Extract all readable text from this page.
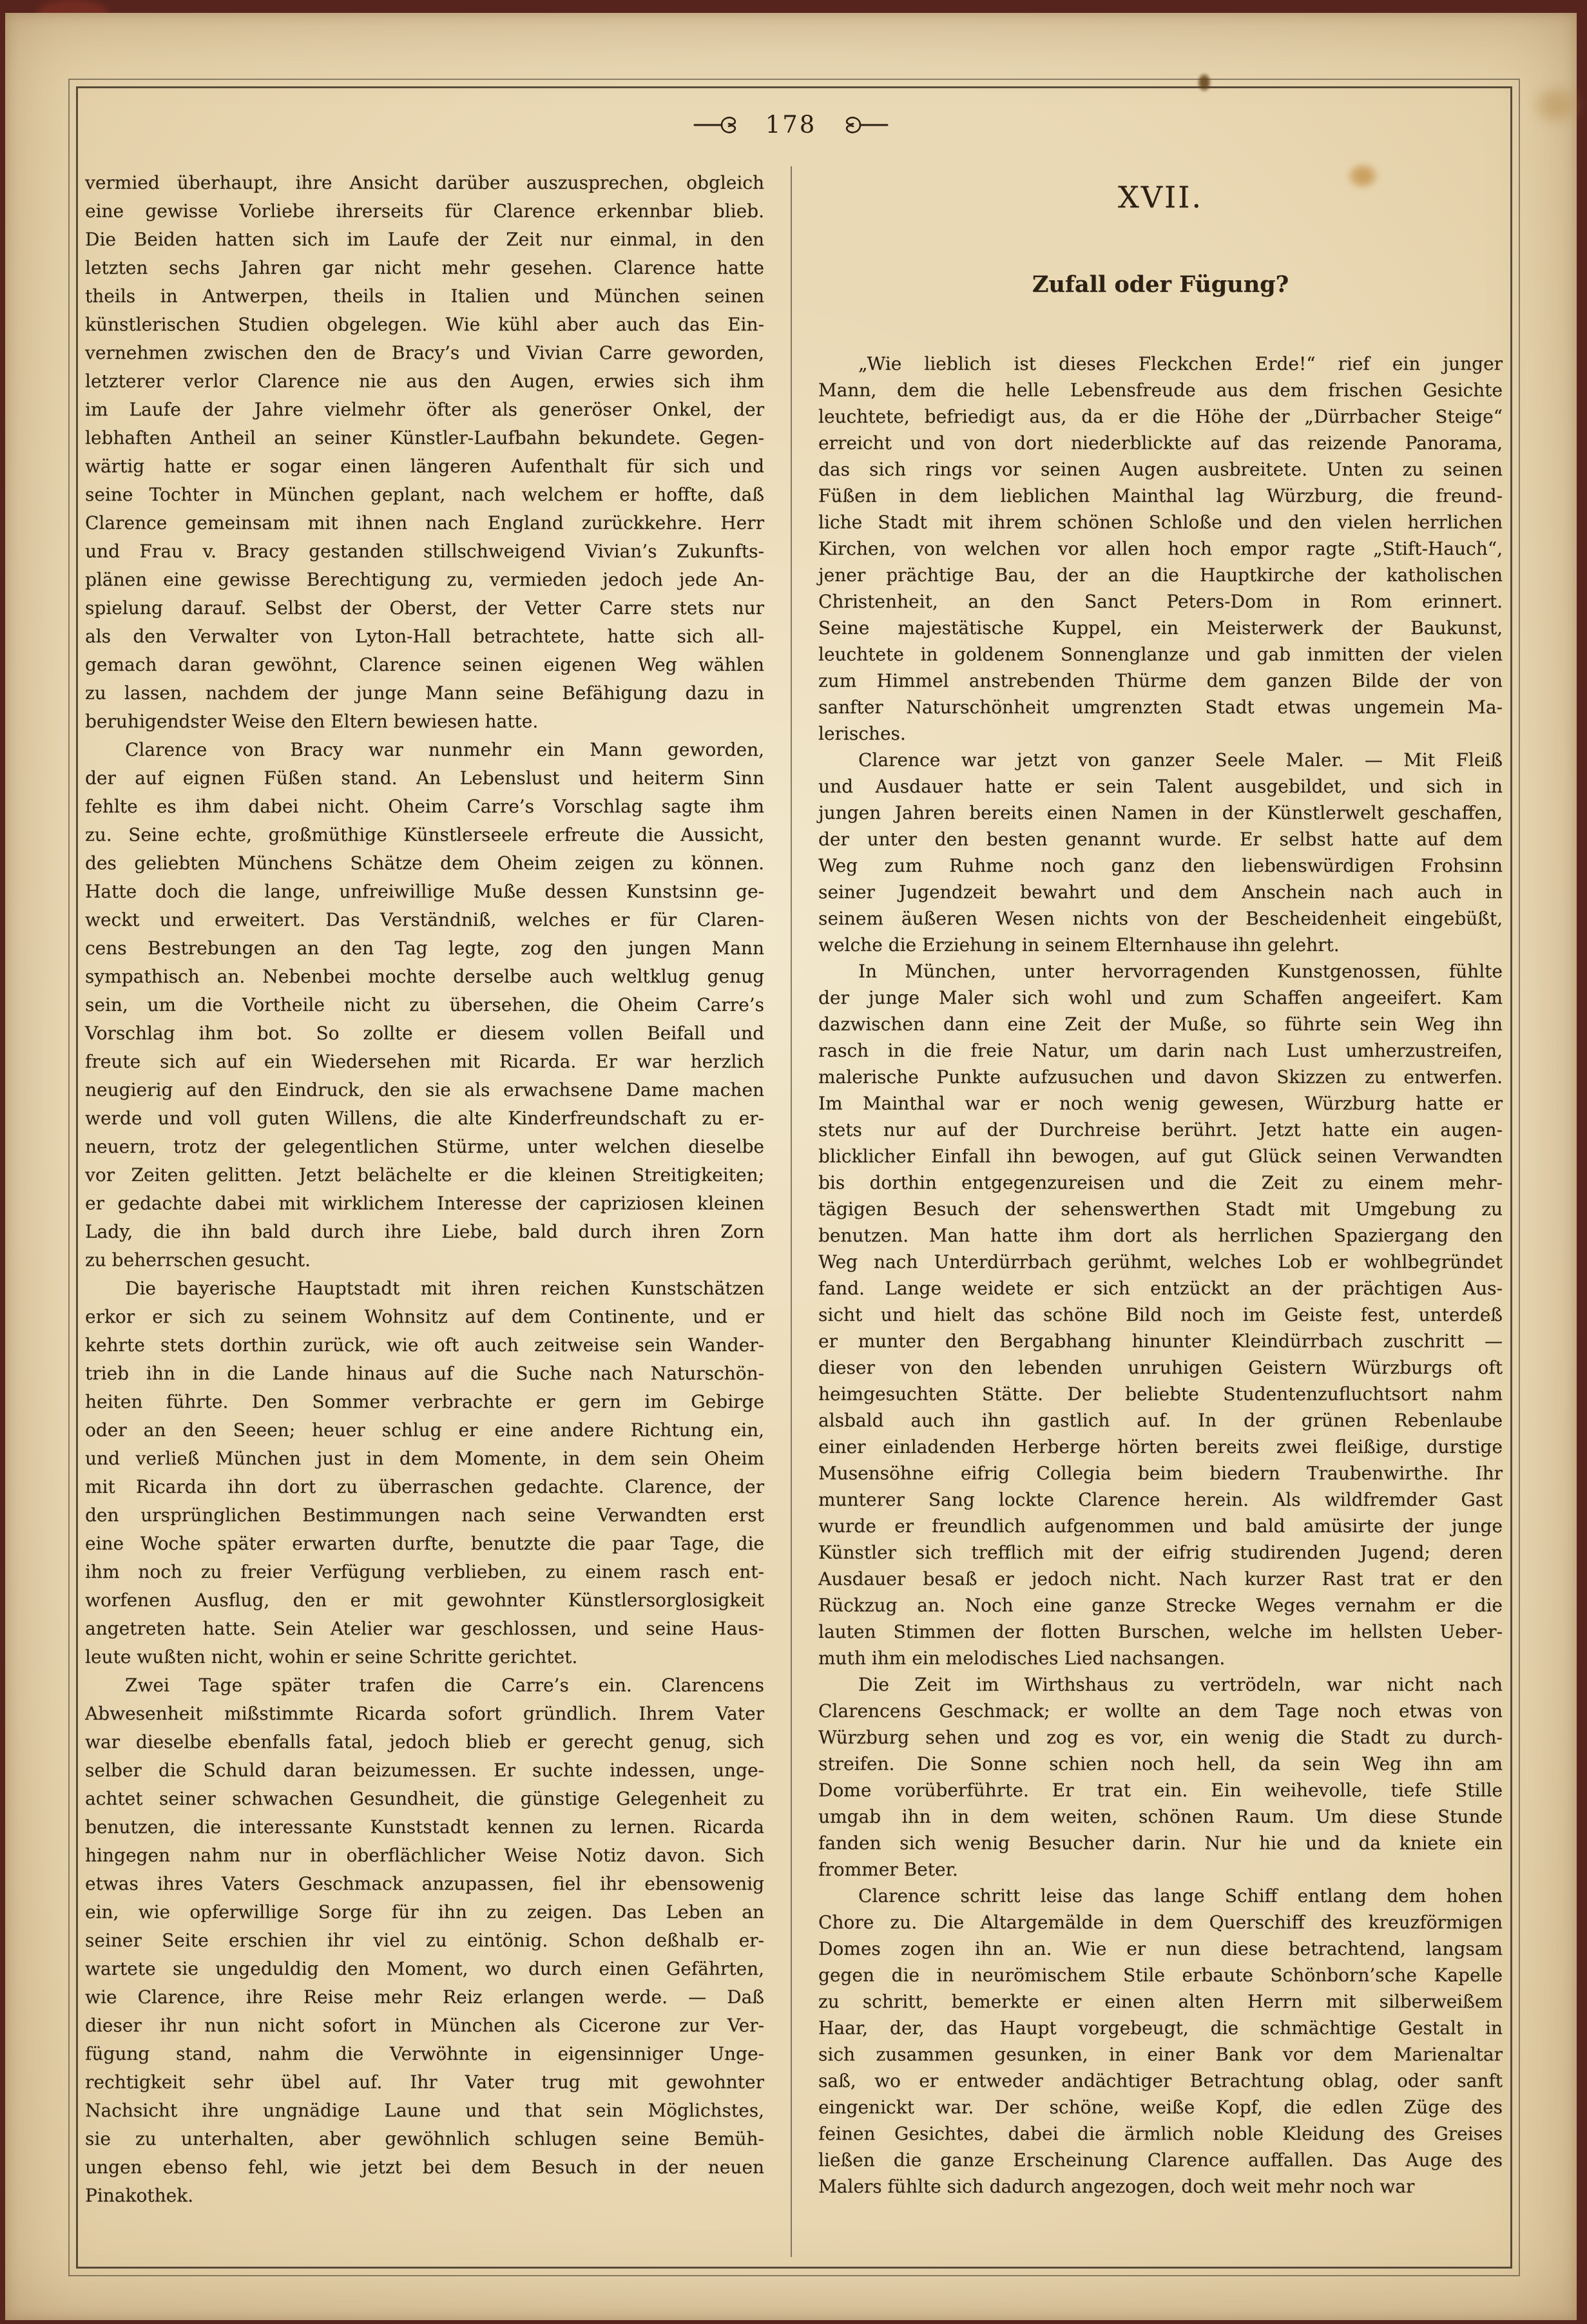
178
vermied überhaupt, ihre Ansicht darüber auszusprechen, obgleich
eine gewisse Vorliebe ihrerseits für Clarence erkennbar blieb.
Die Beiden hatten sich im Laufe der Zeit nur einmal, in den
letzten sechs Jahren gar nicht mehr gesehen. Clarence hatte
theils in Antwerpen, theils in Italien und München seinen
künstlerischen Studien obgelegen. Wie kühl aber auch das Ein-
vernehmen zwischen den de Bracy’s und Vivian Carre geworden,
letzterer verlor Clarence nie aus den Augen, erwies sich ihm
im Laufe der Jahre vielmehr öfter als generöser Onkel, der
lebhaften Antheil an seiner Künstler-Laufbahn bekundete. Gegen-
wärtig hatte er sogar einen längeren Aufenthalt für sich und
seine Tochter in München geplant, nach welchem er hoffte, daß
Clarence gemeinsam mit ihnen nach England zurückkehre. Herr
und Frau v. Bracy gestanden stillschweigend Vivian’s Zukunfts-
plänen eine gewisse Berechtigung zu, vermieden jedoch jede An-
spielung darauf. Selbst der Oberst, der Vetter Carre stets nur
als den Verwalter von Lyton-Hall betrachtete, hatte sich all-
gemach daran gewöhnt, Clarence seinen eigenen Weg wählen
zu lassen, nachdem der junge Mann seine Befähigung dazu in
beruhigendster Weise den Eltern bewiesen hatte.
Clarence von Bracy war nunmehr ein Mann geworden,
der auf eignen Füßen stand. An Lebenslust und heiterm Sinn
fehlte es ihm dabei nicht. Oheim Carre’s Vorschlag sagte ihm
zu. Seine echte, großmüthige Künstlerseele erfreute die Aussicht,
des geliebten Münchens Schätze dem Oheim zeigen zu können.
Hatte doch die lange, unfreiwillige Muße dessen Kunstsinn ge-
weckt und erweitert. Das Verständniß, welches er für Claren-
cens Bestrebungen an den Tag legte, zog den jungen Mann
sympathisch an. Nebenbei mochte derselbe auch weltklug genug
sein, um die Vortheile nicht zu übersehen, die Oheim Carre’s
Vorschlag ihm bot. So zollte er diesem vollen Beifall und
freute sich auf ein Wiedersehen mit Ricarda. Er war herzlich
neugierig auf den Eindruck, den sie als erwachsene Dame machen
werde und voll guten Willens, die alte Kinderfreundschaft zu er-
neuern, trotz der gelegentlichen Stürme, unter welchen dieselbe
vor Zeiten gelitten. Jetzt belächelte er die kleinen Streitigkeiten;
er gedachte dabei mit wirklichem Interesse der capriziosen kleinen
Lady, die ihn bald durch ihre Liebe, bald durch ihren Zorn
zu beherrschen gesucht.
Die bayerische Hauptstadt mit ihren reichen Kunstschätzen
erkor er sich zu seinem Wohnsitz auf dem Continente, und er
kehrte stets dorthin zurück, wie oft auch zeitweise sein Wander-
trieb ihn in die Lande hinaus auf die Suche nach Naturschön-
heiten führte. Den Sommer verbrachte er gern im Gebirge
oder an den Seeen; heuer schlug er eine andere Richtung ein,
und verließ München just in dem Momente, in dem sein Oheim
mit Ricarda ihn dort zu überraschen gedachte. Clarence, der
den ursprünglichen Bestimmungen nach seine Verwandten erst
eine Woche später erwarten durfte, benutzte die paar Tage, die
ihm noch zu freier Verfügung verblieben, zu einem rasch ent-
worfenen Ausflug, den er mit gewohnter Künstlersorglosigkeit
angetreten hatte. Sein Atelier war geschlossen, und seine Haus-
leute wußten nicht, wohin er seine Schritte gerichtet.
Zwei Tage später trafen die Carre’s ein. Clarencens
Abwesenheit mißstimmte Ricarda sofort gründlich. Ihrem Vater
war dieselbe ebenfalls fatal, jedoch blieb er gerecht genug, sich
selber die Schuld daran beizumessen. Er suchte indessen, unge-
achtet seiner schwachen Gesundheit, die günstige Gelegenheit zu
benutzen, die interessante Kunststadt kennen zu lernen. Ricarda
hingegen nahm nur in oberflächlicher Weise Notiz davon. Sich
etwas ihres Vaters Geschmack anzupassen, fiel ihr ebensowenig
ein, wie opferwillige Sorge für ihn zu zeigen. Das Leben an
seiner Seite erschien ihr viel zu eintönig. Schon deßhalb er-
wartete sie ungeduldig den Moment, wo durch einen Gefährten,
wie Clarence, ihre Reise mehr Reiz erlangen werde. — Daß
dieser ihr nun nicht sofort in München als Cicerone zur Ver-
fügung stand, nahm die Verwöhnte in eigensinniger Unge-
rechtigkeit sehr übel auf. Ihr Vater trug mit gewohnter
Nachsicht ihre ungnädige Laune und that sein Möglichstes,
sie zu unterhalten, aber gewöhnlich schlugen seine Bemüh-
ungen ebenso fehl, wie jetzt bei dem Besuch in der neuen
Pinakothek.
XVII.
Zufall oder Fügung?
„Wie lieblich ist dieses Fleckchen Erde!“ rief ein junger
Mann, dem die helle Lebensfreude aus dem frischen Gesichte
leuchtete, befriedigt aus, da er die Höhe der „Dürrbacher Steige“
erreicht und von dort niederblickte auf das reizende Panorama,
das sich rings vor seinen Augen ausbreitete. Unten zu seinen
Füßen in dem lieblichen Mainthal lag Würzburg, die freund-
liche Stadt mit ihrem schönen Schloße und den vielen herrlichen
Kirchen, von welchen vor allen hoch empor ragte „Stift-Hauch“,
jener prächtige Bau, der an die Hauptkirche der katholischen
Christenheit, an den Sanct Peters-Dom in Rom erinnert.
Seine majestätische Kuppel, ein Meisterwerk der Baukunst,
leuchtete in goldenem Sonnenglanze und gab inmitten der vielen
zum Himmel anstrebenden Thürme dem ganzen Bilde der von
sanfter Naturschönheit umgrenzten Stadt etwas ungemein Ma-
lerisches.
Clarence war jetzt von ganzer Seele Maler. — Mit Fleiß
und Ausdauer hatte er sein Talent ausgebildet, und sich in
jungen Jahren bereits einen Namen in der Künstlerwelt geschaffen,
der unter den besten genannt wurde. Er selbst hatte auf dem
Weg zum Ruhme noch ganz den liebenswürdigen Frohsinn
seiner Jugendzeit bewahrt und dem Anschein nach auch in
seinem äußeren Wesen nichts von der Bescheidenheit eingebüßt,
welche die Erziehung in seinem Elternhause ihn gelehrt.
In München, unter hervorragenden Kunstgenossen, fühlte
der junge Maler sich wohl und zum Schaffen angeeifert. Kam
dazwischen dann eine Zeit der Muße, so führte sein Weg ihn
rasch in die freie Natur, um darin nach Lust umherzustreifen,
malerische Punkte aufzusuchen und davon Skizzen zu entwerfen.
Im Mainthal war er noch wenig gewesen, Würzburg hatte er
stets nur auf der Durchreise berührt. Jetzt hatte ein augen-
blicklicher Einfall ihn bewogen, auf gut Glück seinen Verwandten
bis dorthin entgegenzureisen und die Zeit zu einem mehr-
tägigen Besuch der sehenswerthen Stadt mit Umgebung zu
benutzen. Man hatte ihm dort als herrlichen Spaziergang den
Weg nach Unterdürrbach gerühmt, welches Lob er wohlbegründet
fand. Lange weidete er sich entzückt an der prächtigen Aus-
sicht und hielt das schöne Bild noch im Geiste fest, unterdeß
er munter den Bergabhang hinunter Kleindürrbach zuschritt —
dieser von den lebenden unruhigen Geistern Würzburgs oft
heimgesuchten Stätte. Der beliebte Studentenzufluchtsort nahm
alsbald auch ihn gastlich auf. In der grünen Rebenlaube
einer einladenden Herberge hörten bereits zwei fleißige, durstige
Musensöhne eifrig Collegia beim biedern Traubenwirthe. Ihr
munterer Sang lockte Clarence herein. Als wildfremder Gast
wurde er freundlich aufgenommen und bald amüsirte der junge
Künstler sich trefflich mit der eifrig studirenden Jugend; deren
Ausdauer besaß er jedoch nicht. Nach kurzer Rast trat er den
Rückzug an. Noch eine ganze Strecke Weges vernahm er die
lauten Stimmen der flotten Burschen, welche im hellsten Ueber-
muth ihm ein melodisches Lied nachsangen.
Die Zeit im Wirthshaus zu vertrödeln, war nicht nach
Clarencens Geschmack; er wollte an dem Tage noch etwas von
Würzburg sehen und zog es vor, ein wenig die Stadt zu durch-
streifen. Die Sonne schien noch hell, da sein Weg ihn am
Dome vorüberführte. Er trat ein. Ein weihevolle, tiefe Stille
umgab ihn in dem weiten, schönen Raum. Um diese Stunde
fanden sich wenig Besucher darin. Nur hie und da kniete ein
frommer Beter.
Clarence schritt leise das lange Schiff entlang dem hohen
Chore zu. Die Altargemälde in dem Querschiff des kreuzförmigen
Domes zogen ihn an. Wie er nun diese betrachtend, langsam
gegen die in neurömischem Stile erbaute Schönborn’sche Kapelle
zu schritt, bemerkte er einen alten Herrn mit silberweißem
Haar, der, das Haupt vorgebeugt, die schmächtige Gestalt in
sich zusammen gesunken, in einer Bank vor dem Marienaltar
saß, wo er entweder andächtiger Betrachtung oblag, oder sanft
eingenickt war. Der schöne, weiße Kopf, die edlen Züge des
feinen Gesichtes, dabei die ärmlich noble Kleidung des Greises
ließen die ganze Erscheinung Clarence auffallen. Das Auge des
Malers fühlte sich dadurch angezogen, doch weit mehr noch war
